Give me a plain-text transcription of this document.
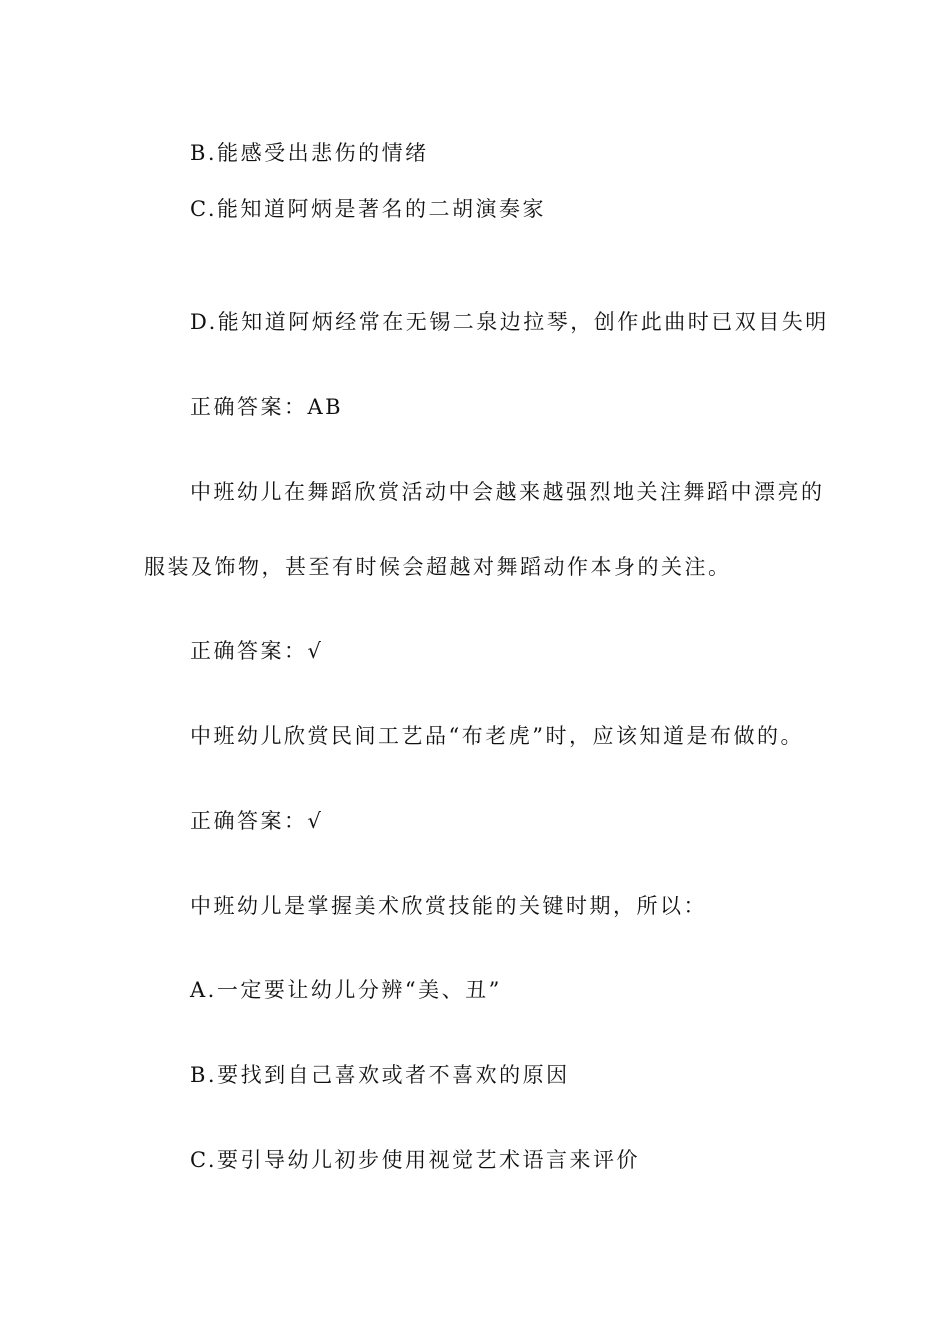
B.能感受出悲伤的情绪
C.能知道阿炳是著名的二胡演奏家
D.能知道阿炳经常在无锡二泉边拉琴，创作此曲时已双目失明
正确答案：AB
中班幼儿在舞蹈欣赏活动中会越来越强烈地关注舞蹈中漂亮的
服装及饰物，甚至有时候会超越对舞蹈动作本身的关注。
正确答案：√
中班幼儿欣赏民间工艺品“布老虎”时，应该知道是布做的。
正确答案：√
中班幼儿是掌握美术欣赏技能的关键时期，所以：
A.一定要让幼儿分辨“美、丑”
B.要找到自己喜欢或者不喜欢的原因
C.要引导幼儿初步使用视觉艺术语言来评价
